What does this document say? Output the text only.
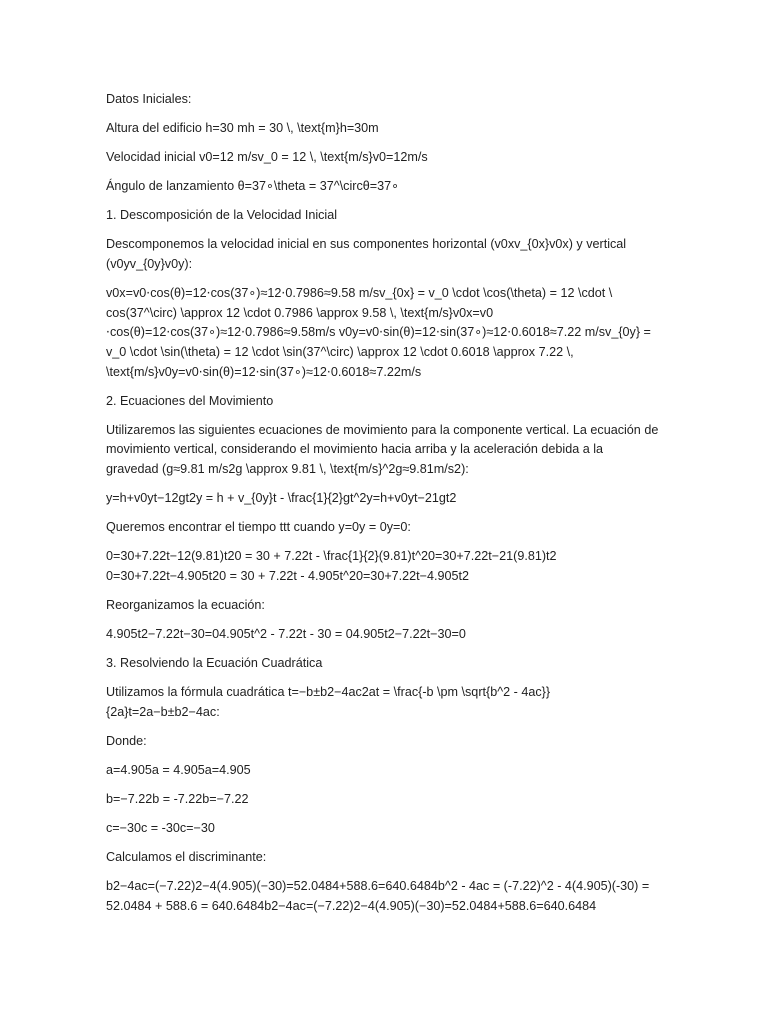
Datos Iniciales:

Altura del edificio h=30 mh = 30 \, \text{m}h=30m

Velocidad inicial v0=12 m/sv_0 = 12 \, \text{m/s}v0=12m/s

Ángulo de lanzamiento θ=37∘\theta = 37^\circθ=37∘

1. Descomposición de la Velocidad Inicial

Descomponemos la velocidad inicial en sus componentes horizontal (v0xv_{0x}v0x) y vertical
(v0yv_{0y}v0y):

v0x=v0⋅cos(θ)=12⋅cos(37∘)≈12⋅0.7986≈9.58 m/sv_{0x} = v_0 \cdot \cos(\theta) = 12 \cdot \
cos(37^\circ) \approx 12 \cdot 0.7986 \approx 9.58 \, \text{m/s}v0x=v0
⋅cos(θ)=12⋅cos(37∘)≈12⋅0.7986≈9.58m/s v0y=v0⋅sin(θ)=12⋅sin(37∘)≈12⋅0.6018≈7.22 m/sv_{0y} =
v_0 \cdot \sin(\theta) = 12 \cdot \sin(37^\circ) \approx 12 \cdot 0.6018 \approx 7.22 \,
\text{m/s}v0y=v0⋅sin(θ)=12⋅sin(37∘)≈12⋅0.6018≈7.22m/s

2. Ecuaciones del Movimiento

Utilizaremos las siguientes ecuaciones de movimiento para la componente vertical. La ecuación de
movimiento vertical, considerando el movimiento hacia arriba y la aceleración debida a la
gravedad (g≈9.81 m/s2g \approx 9.81 \, \text{m/s}^2g≈9.81m/s2):

y=h+v0yt−12gt2y = h + v_{0y}t - \frac{1}{2}gt^2y=h+v0yt−21gt2

Queremos encontrar el tiempo ttt cuando y=0y = 0y=0:

0=30+7.22t−12(9.81)t20 = 30 + 7.22t - \frac{1}{2}(9.81)t^20=30+7.22t−21(9.81)t2
0=30+7.22t−4.905t20 = 30 + 7.22t - 4.905t^20=30+7.22t−4.905t2

Reorganizamos la ecuación:

4.905t2−7.22t−30=04.905t^2 - 7.22t - 30 = 04.905t2−7.22t−30=0

3. Resolviendo la Ecuación Cuadrática

Utilizamos la fórmula cuadrática t=−b±b2−4ac2at = \frac{-b \pm \sqrt{b^2 - 4ac}}
{2a}t=2a−b±b2−4ac:

Donde:

a=4.905a = 4.905a=4.905

b=−7.22b = -7.22b=−7.22

c=−30c = -30c=−30

Calculamos el discriminante:

b2−4ac=(−7.22)2−4(4.905)(−30)=52.0484+588.6=640.6484b^2 - 4ac = (-7.22)^2 - 4(4.905)(-30) =
52.0484 + 588.6 = 640.6484b2−4ac=(−7.22)2−4(4.905)(−30)=52.0484+588.6=640.6484
